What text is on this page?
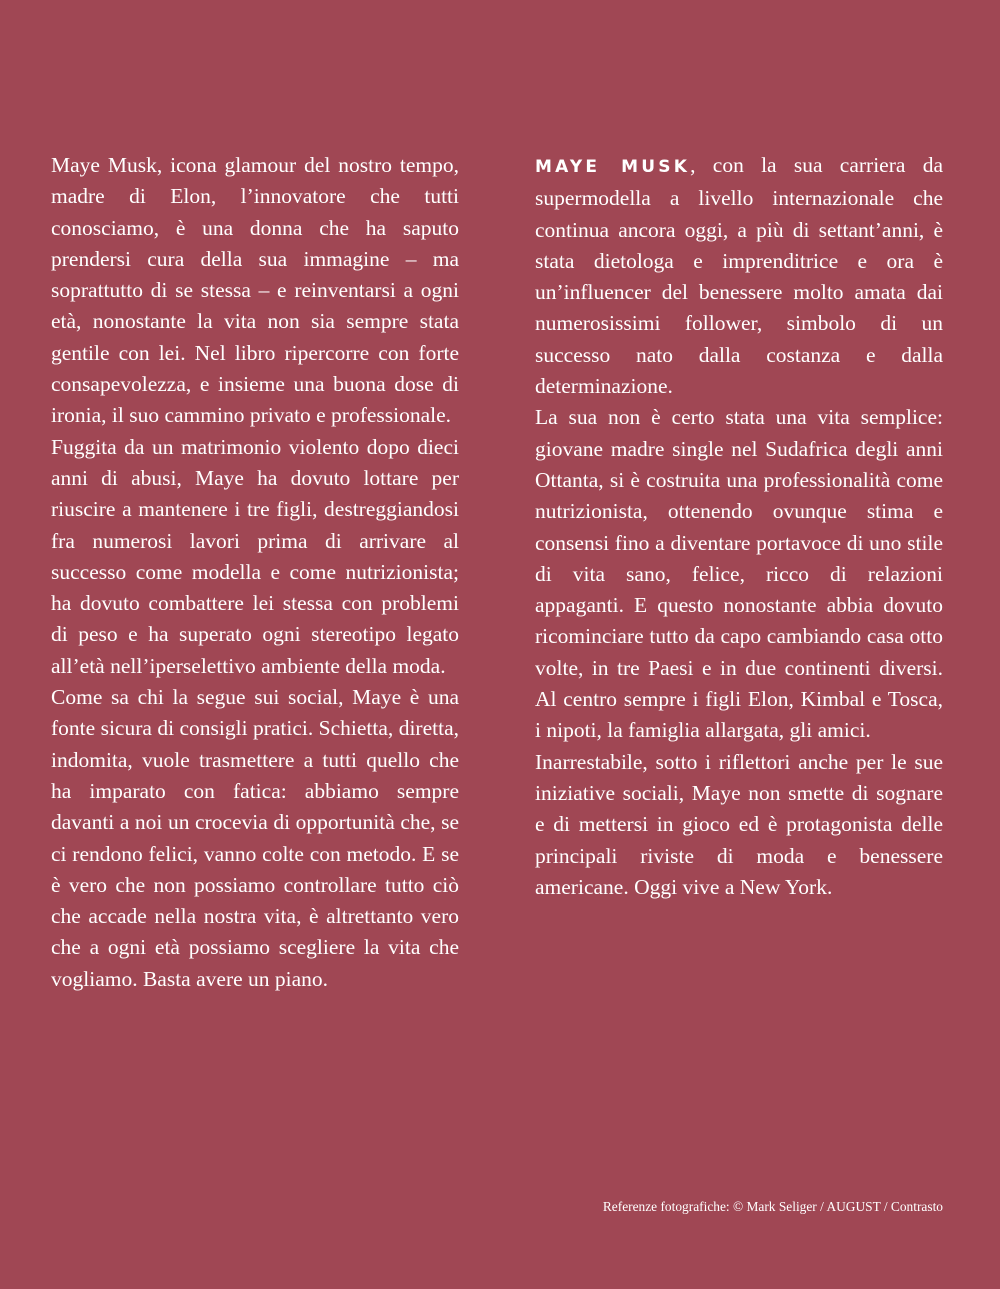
Maye Musk, icona glamour del nostro tempo, madre di Elon, l’innovatore che tutti conosciamo, è una donna che ha saputo prendersi cura della sua immagine – ma soprattutto di se stessa – e reinventarsi a ogni età, nonostante la vita non sia sempre stata gentile con lei. Nel libro ripercorre con forte consapevolezza, e insieme una buona dose di ironia, il suo cammino privato e professionale.

Fuggita da un matrimonio violento dopo dieci anni di abusi, Maye ha dovuto lottare per riuscire a mantenere i tre figli, destreggiandosi fra numerosi lavori prima di arrivare al successo come modella e come nutrizionista; ha dovuto combattere lei stessa con problemi di peso e ha superato ogni stereotipo legato all’età nell’iperselettivo ambiente della moda.

Come sa chi la segue sui social, Maye è una fonte sicura di consigli pratici. Schietta, diretta, indomita, vuole trasmettere a tutti quello che ha imparato con fatica: abbiamo sempre davanti a noi un crocevia di opportunità che, se ci rendono felici, vanno colte con metodo. E se è vero che non possiamo controllare tutto ciò che accade nella nostra vita, è altrettanto vero che a ogni età possiamo scegliere la vita che vogliamo. Basta avere un piano.

MAYE MUSK, con la sua carriera da supermodella a livello internazionale che continua ancora oggi, a più di settant’anni, è stata dietologa e imprenditrice e ora è un’influencer del benessere molto amata dai numerosissimi follower, simbolo di un successo nato dalla costanza e dalla determinazione.

La sua non è certo stata una vita semplice: giovane madre single nel Sudafrica degli anni Ottanta, si è costruita una professionalità come nutrizionista, ottenendo ovunque stima e consensi fino a diventare portavoce di uno stile di vita sano, felice, ricco di relazioni appaganti. E questo nonostante abbia dovuto ricominciare tutto da capo cambiando casa otto volte, in tre Paesi e in due continenti diversi. Al centro sempre i figli Elon, Kimbal e Tosca, i nipoti, la famiglia allargata, gli amici.

Inarrestabile, sotto i riflettori anche per le sue iniziative sociali, Maye non smette di sognare e di mettersi in gioco ed è protagonista delle principali riviste di moda e benessere americane. Oggi vive a New York.

Referenze fotografiche: © Mark Seliger / AUGUST / Contrasto
